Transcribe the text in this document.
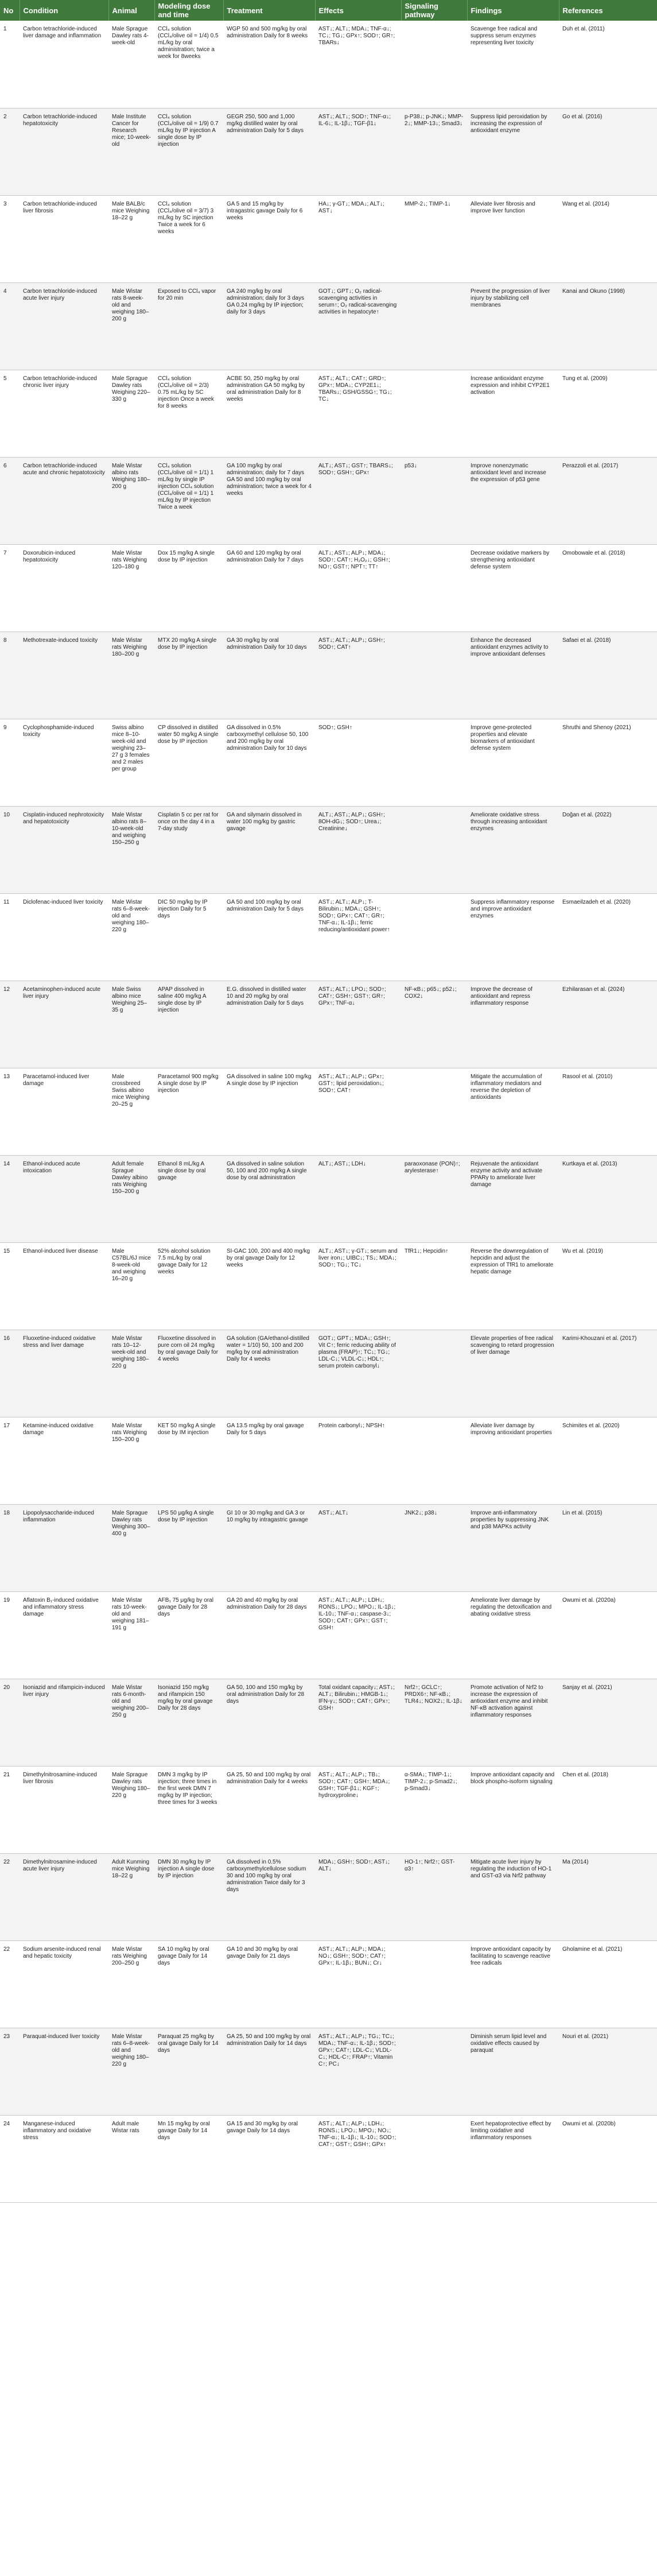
No	Condition	Animal	Modeling dose and time	Treatment	Effects	Signaling pathway	Findings	References
1	Carbon tetrachloride-induced liver damage and inflammation	Male Sprague Dawley rats 4-week-old	CCl₄ solution (CCl₄/olive oil = 1/4) 0.5 mL/kg by oral administration; twice a week for 8weeks	WGP 50 and 500 mg/kg by oral administration Daily for 8 weeks	AST↓; ALT↓; MDA↓; TNF-α↓; TC↓; TG↓; GPx↑; SOD↑; GR↑; TBARs↓		Scavenge free radical and suppress serum enzymes representing liver toxicity	Duh et al. (2011)
2	Carbon tetrachloride-induced hepatotoxicity	Male Institute Cancer for Research mice; 10-week-old	CCl₄ solution (CCl₄/olive oil = 1/9) 0.7 mL/kg by IP injection A single dose by IP injection	GEGR 250, 500 and 1,000 mg/kg distilled water by oral administration Daily for 5 days	AST↓; ALT↓; SOD↑; TNF-α↓; IL-6↓; IL-1β↓; TGF-β1↓	p-P38↓; p-JNK↓; MMP-2↓; MMP-13↓; Smad3↓	Suppress lipid peroxidation by increasing the expression of antioxidant enzyme	Go et al. (2016)
3	Carbon tetrachloride-induced liver fibrosis	Male BALB/c mice Weighing 18–22 g	CCl₄ solution (CCl₄/olive oil = 3/7) 3 mL/kg by SC injection Twice a week for 6 weeks	GA 5 and 15 mg/kg by intragastric gavage Daily for 6 weeks	HA↓; γ-GT↓; MDA↓; ALT↓; AST↓	MMP-2↓; TIMP-1↓	Alleviate liver fibrosis and improve liver function	Wang et al. (2014)
4	Carbon tetrachloride-induced acute liver injury	Male Wistar rats 8-week-old and weighing 180–200 g	Exposed to CCl₄ vapor for 20 min	GA 240 mg/kg by oral administration; daily for 3 days GA 0.24 mg/kg by IP injection; daily for 3 days	GOT↓; GPT↓; O₂ radical-scavenging activities in serum↑; O₂ radical-scavenging activities in hepatocyte↑		Prevent the progression of liver injury by stabilizing cell membranes	Kanai and Okuno (1998)
5	Carbon tetrachloride-induced chronic liver injury	Male Sprague Dawley rats Weighing 220–330 g	CCl₄ solution (CCl₄/olive oil = 2/3) 0.75 mL/kg by SC injection Once a week for 8 weeks	ACBE 50, 250 mg/kg by oral administration GA 50 mg/kg by oral administration Daily for 8 weeks	AST↓; ALT↓; CAT↑; GRD↑; GPx↑; MDA↓; CYP2E1↓; TBARs↓; GSH/GSSG↑; TG↓; TC↓		Increase antioxidant enzyme expression and inhibit CYP2E1 activation	Tung et al. (2009)
6	Carbon tetrachloride-induced acute and chronic hepatotoxicity	Male Wistar albino rats Weighing 180–200 g	CCl₄ solution (CCl₄/olive oil = 1/1) 1 mL/kg by single IP injection CCl₄ solution (CCl₄/olive oil = 1/1) 1 mL/kg by IP injection Twice a week	GA 100 mg/kg by oral administration; daily for 7 days GA 50 and 100 mg/kg by oral administration; twice a week for 4 weeks	ALT↓; AST↓; GST↑; TBARS↓; SOD↑; GSH↑; GPx↑	p53↓	Improve nonenzymatic antioxidant level and increase the expression of p53 gene	Perazzoli et al. (2017)
7	Doxorubicin-induced hepatotoxicity	Male Wistar rats Weighing 120–180 g	Dox 15 mg/kg A single dose by IP injection	GA 60 and 120 mg/kg by oral administration Daily for 7 days	ALT↓; AST↓; ALP↓; MDA↓; SOD↑; CAT↑; H₂O₂↓; GSH↑; NO↑; GST↑; NPT↑; TT↑		Decrease oxidative markers by strengthening antioxidant defense system	Omobowale et al. (2018)
8	Methotrexate-induced toxicity	Male Wistar rats Weighing 180–200 g	MTX 20 mg/kg A single dose by IP injection	GA 30 mg/kg by oral administration Daily for 10 days	AST↓; ALT↓; ALP↓; GSH↑; SOD↑; CAT↑		Enhance the decreased antioxidant enzymes activity to improve antioxidant defenses	Safaei et al. (2018)
9	Cyclophosphamide-induced toxicity	Swiss albino mice 8–10-week-old and weighing 23–27 g 3 females and 2 males per group	CP dissolved in distilled water 50 mg/kg A single dose by IP injection	GA dissolved in 0.5% carboxymethyl cellulose 50, 100 and 200 mg/kg by oral administration Daily for 10 days	SOD↑; GSH↑		Improve gene-protected properties and elevate biomarkers of antioxidant defense system	Shruthi and Shenoy (2021)
10	Cisplatin-induced nephrotoxicity and hepatotoxicity	Male Wistar albino rats 8–10-week-old and weighing 150–250 g	Cisplatin 5 cc per rat for once on the day 4 in a 7-day study	GA and silymarin dissolved in water 100 mg/kg by gastric gavage	ALT↓; AST↓; ALP↓; GSH↑; 8OH-dG↓; SOD↑; Urea↓; Creatinine↓		Ameliorate oxidative stress through increasing antioxidant enzymes	Doğan et al. (2022)
11	Diclofenac-induced liver toxicity	Male Wistar rats 6–8-week-old and weighing 180–220 g	DIC 50 mg/kg by IP injection Daily for 5 days	GA 50 and 100 mg/kg by oral administration Daily for 5 days	AST↓; ALT↓; ALP↓; T-Bilirubin↓; MDA↓; GSH↑; SOD↑; GPx↑; CAT↑; GR↑; TNF-α↓; IL-1β↓; ferric reducing/antioxidant power↑		Suppress inflammatory response and improve antioxidant enzymes	Esmaeilzadeh et al. (2020)
12	Acetaminophen-induced acute liver injury	Male Swiss albino mice Weighing 25–35 g	APAP dissolved in saline 400 mg/kg A single dose by IP injection	E.G. dissolved in distilled water 10 and 20 mg/kg by oral administration Daily for 5 days	AST↓; ALT↓; LPO↓; SOD↑; CAT↑; GSH↑; GST↑; GR↑; GPx↑; TNF-α↓	NF-κB↓; p65↓; p52↓; COX2↓	Improve the decrease of antioxidant and repress inflammatory response	Ezhilarasan et al. (2024)
13	Paracetamol-induced liver damage	Male crossbreed Swiss albino mice Weighing 20–25 g	Paracetamol 900 mg/kg A single dose by IP injection	GA dissolved in saline 100 mg/kg A single dose by IP injection	AST↓; ALT↓; ALP↓; GPx↑; GST↑; lipid peroxidation↓; SOD↑; CAT↑		Mitigate the accumulation of inflammatory mediators and reverse the depletion of antioxidants	Rasool et al. (2010)
14	Ethanol-induced acute intoxication	Adult female Sprague Dawley albino rats Weighing 150–200 g	Ethanol 8 mL/kg A single dose by oral gavage	GA dissolved in saline solution 50, 100 and 200 mg/kg A single dose by oral administration	ALT↓; AST↓; LDH↓	paraoxonase (PON)↑; arylesterase↑	Rejuvenate the antioxidant enzyme activity and activate PPARγ to ameliorate liver damage	Kurtkaya et al. (2013)
15	Ethanol-induced liver disease	Male C57BL/6J mice 8-week-old and weighing 16–20 g	52% alcohol solution 7.5 mL/kg by oral gavage Daily for 12 weeks	SI-GAC 100, 200 and 400 mg/kg by oral gavage Daily for 12 weeks	ALT↓; AST↓; γ-GT↓; serum and liver iron↓; UIBC↓; TS↓; MDA↓; SOD↑; TG↓; TC↓	TfR1↓; Hepcidin↑	Reverse the downregulation of hepcidin and adjust the expression of TfR1 to ameliorate hepatic damage	Wu et al. (2019)
16	Fluoxetine-induced oxidative stress and liver damage	Male Wistar rats 10–12-week-old and weighing 180–220 g	Fluoxetine dissolved in pure corn oil 24 mg/kg by oral gavage Daily for 4 weeks	GA solution (GA/ethanol-distilled water = 1/10) 50, 100 and 200 mg/kg by oral administration Daily for 4 weeks	GOT↓; GPT↓; MDA↓; GSH↑; Vit C↑; ferric reducing ability of plasma (FRAP)↑; TC↓; TG↓; LDL-C↓; VLDL-C↓; HDL↑; serum protein carbonyl↓		Elevate properties of free radical scavenging to retard progression of liver damage	Karimi-Khouzani et al. (2017)
17	Ketamine-induced oxidative damage	Male Wistar rats Weighing 150–200 g	KET 50 mg/kg A single dose by IM injection	GA 13.5 mg/kg by oral gavage Daily for 5 days	Protein carbonyl↓; NPSH↑		Alleviate liver damage by improving antioxidant properties	Schimites et al. (2020)
18	Lipopolysaccharide-induced inflammation	Male Sprague Dawley rats Weighing 300–400 g	LPS 50 μg/kg A single dose by IP injection	GI 10 or 30 mg/kg and GA 3 or 10 mg/kg by intragastric gavage	AST↓; ALT↓	JNK2↓; p38↓	Improve anti-inflammatory properties by suppressing JNK and p38 MAPKs activity	Lin et al. (2015)
19	Aflatoxin B₁-induced oxidative and inflammatory stress damage	Male Wistar rats 10-week-old and weighing 181–191 g	AFB₁ 75 μg/kg by oral gavage Daily for 28 days	GA 20 and 40 mg/kg by oral administration Daily for 28 days	AST↓; ALT↓; ALP↓; LDH↓; RONS↓; LPO↓; MPO↓; IL-1β↓; IL-10↓; TNF-α↓; caspase-3↓; SOD↑; CAT↑; GPx↑; GST↑; GSH↑		Ameliorate liver damage by regulating the detoxification and abating oxidative stress	Owumi et al. (2020a)
20	Isoniazid and rifampicin-induced liver injury	Male Wistar rats 6-month-old and weighing 200–250 g	Isoniazid 150 mg/kg and rifampicin 150 mg/kg by oral gavage Daily for 28 days	GA 50, 100 and 150 mg/kg by oral administration Daily for 28 days	Total oxidant capacity↓; AST↓; ALT↓; Bilirubin↓; HMGB-1↓; IFN-γ↓; SOD↑; CAT↑; GPx↑; GSH↑	Nrf2↑; GCLC↑; PRDX6↑; NF-κB↓; TLR4↓; NOX2↓; IL-1β↓	Promote activation of Nrf2 to increase the expression of antioxidant enzyme and inhibit NF-κB activation against inflammatory responses	Sanjay et al. (2021)
21	Dimethylnitrosamine-induced liver fibrosis	Male Sprague Dawley rats Weighing 180–220 g	DMN 3 mg/kg by IP injection; three times in the first week DMN 7 mg/kg by IP injection; three times for 3 weeks	GA 25, 50 and 100 mg/kg by oral administration Daily for 4 weeks	AST↓; ALT↓; ALP↓; TB↓; SOD↑; CAT↑; GSH↑; MDA↓; GSH↑; TGF-β1↓; KGF↑; hydroxyproline↓	α-SMA↓; TIMP-1↓; TIMP-2↓; p-Smad2↓; p-Smad3↓	Improve antioxidant capacity and block phospho-isoform signaling	Chen et al. (2018)
22	Dimethylnitrosamine-induced acute liver injury	Adult Kunming mice Weighing 18–22 g	DMN 30 mg/kg by IP injection A single dose by IP injection	GA dissolved in 0.5% carboxymethylcellulose sodium 30 and 100 mg/kg by oral administration Twice daily for 3 days	MDA↓; GSH↑; SOD↑; AST↓; ALT↓	HO-1↑; Nrf2↑; GST-α3↑	Mitigate acute liver injury by regulating the induction of HO-1 and GST-α3 via Nrf2 pathway	Ma (2014)
22	Sodium arsenite-induced renal and hepatic toxicity	Male Wistar rats Weighing 200–250 g	SA 10 mg/kg by oral gavage Daily for 14 days	GA 10 and 30 mg/kg by oral gavage Daily for 21 days	AST↓; ALT↓; ALP↓; MDA↓; NO↓; GSH↑; SOD↑; CAT↑; GPx↑; IL-1β↓; BUN↓; Cr↓		Improve antioxidant capacity by facilitating to scavenge reactive free radicals	Gholamine et al. (2021)
23	Paraquat-induced liver toxicity	Male Wistar rats 6–8-week-old and weighing 180–220 g	Paraquat 25 mg/kg by oral gavage Daily for 14 days	GA 25, 50 and 100 mg/kg by oral administration Daily for 14 days	AST↓; ALT↓; ALP↓; TG↓; TC↓; MDA↓; TNF-α↓; IL-1β↓; SOD↑; GPx↑; CAT↑; LDL-C↓; VLDL-C↓; HDL-C↑; FRAP↑; Vitamin C↑; PC↓		Diminish serum lipid level and oxidative effects caused by paraquat	Nouri et al. (2021)
24	Manganese-induced inflammatory and oxidative stress	Adult male Wistar rats	Mn 15 mg/kg by oral gavage Daily for 14 days	GA 15 and 30 mg/kg by oral gavage Daily for 14 days	AST↓; ALT↓; ALP↓; LDH↓; RONS↓; LPO↓; MPO↓; NO↓; TNF-α↓; IL-1β↓; IL-10↓; SOD↑; CAT↑; GST↑; GSH↑; GPx↑		Exert hepatoprotective effect by limiting oxidative and inflammatory responses	Owumi et al. (2020b)
